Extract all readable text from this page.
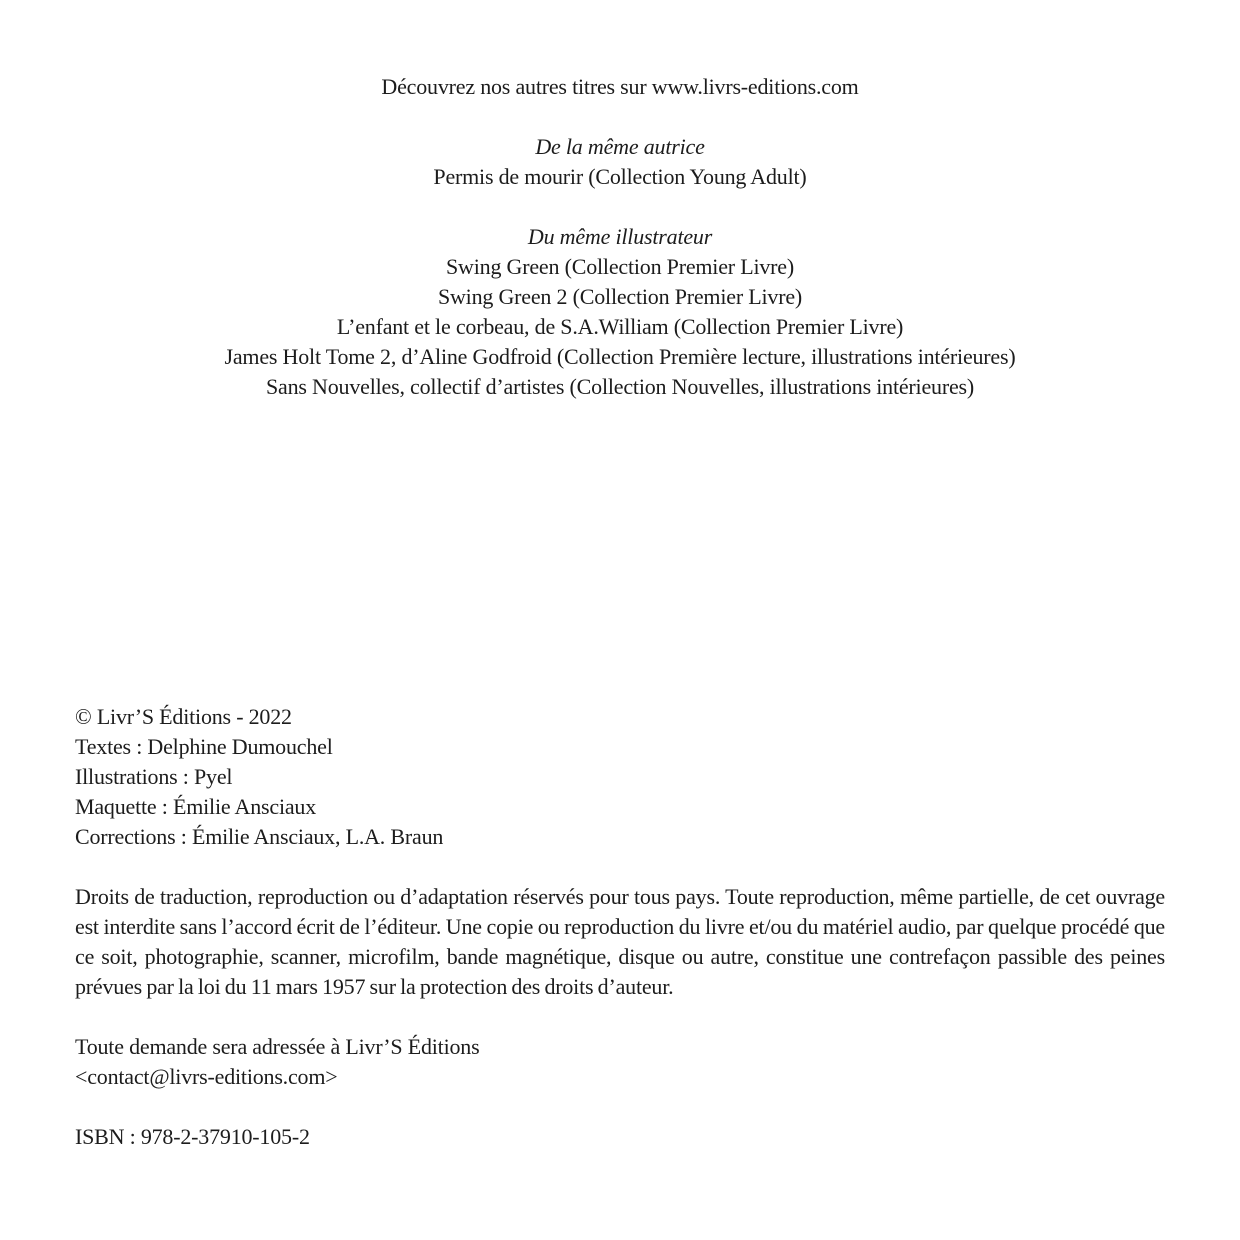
Découvrez nos autres titres sur www.livrs-editions.com

De la même autrice

Permis de mourir (Collection Young Adult)

Du même illustrateur

Swing Green (Collection Premier Livre)

Swing Green 2 (Collection Premier Livre)

L’enfant et le corbeau, de S.A.William (Collection Premier Livre)

James Holt Tome 2, d’Aline Godfroid (Collection Première lecture, illustrations intérieures)

Sans Nouvelles, collectif d’artistes (Collection Nouvelles, illustrations intérieures)

© Livr’S Éditions - 2022

Textes : Delphine Dumouchel

Illustrations : Pyel

Maquette : Émilie Ansciaux

Corrections : Émilie Ansciaux, L.A. Braun

Droits de traduction, reproduction ou d’adaptation réservés pour tous pays. Toute reproduction, même partielle, de cet ouvrage est interdite sans l’accord écrit de l’éditeur. Une copie ou reproduction du livre et/ou du matériel audio, par quelque procédé que ce soit, photographie, scanner, microfilm, bande magnétique, disque ou autre, constitue une contrefaçon passible des peines prévues par la loi du 11 mars 1957 sur la protection des droits d’auteur.

Toute demande sera adressée à Livr’S Éditions

<contact@livrs-editions.com>

ISBN : 978-2-37910-105-2
